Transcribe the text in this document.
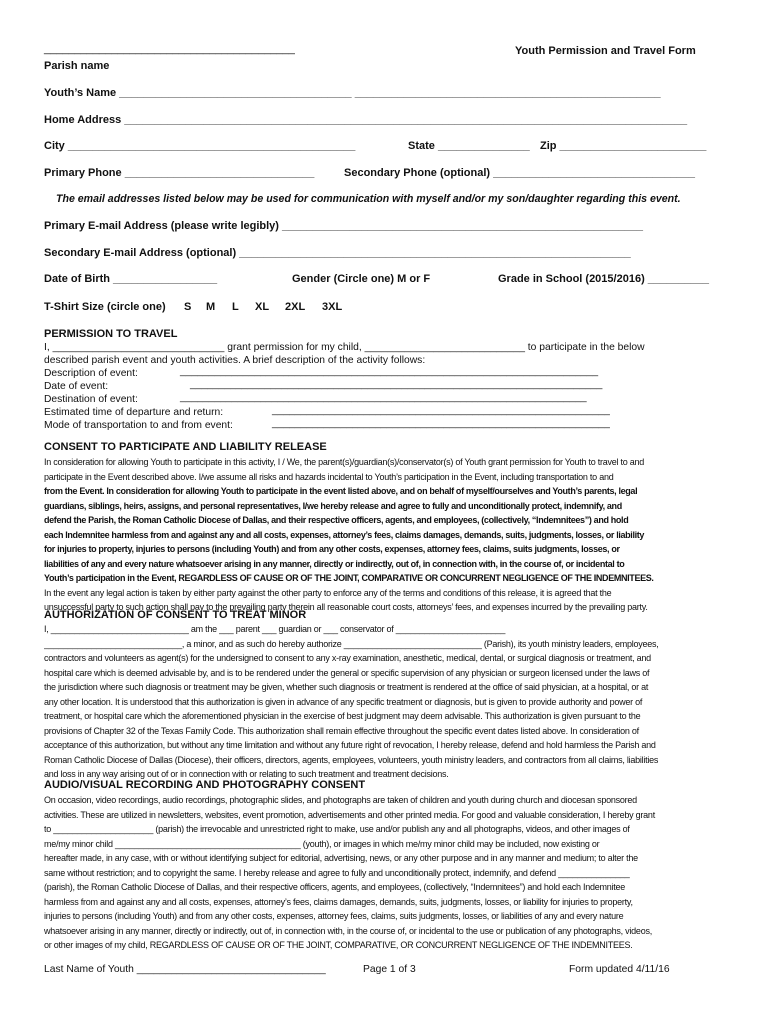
_________________________________________	Youth Permission and Travel Form
Parish name
Youth’s Name ______________________________________ __________________________________________________
Home Address ____________________________________________________________________________________________
City _______________________________________________	State _______________ Zip ________________________
Primary Phone _______________________________	Secondary Phone (optional) _________________________________
The email addresses listed below may be used for communication with myself and/or my son/daughter regarding this event.
Primary E-mail Address (please write legibly) ___________________________________________________________
Secondary E-mail Address (optional) ________________________________________________________________
Date of Birth _________________	Gender (Circle one) M or F	Grade in School (2015/2016) __________
T-Shirt Size (circle one) S M L XL 2XL 3XL
PERMISSION TO TRAVEL
I, ______________________________ grant permission for my child, ____________________________ to participate in the below
described parish event and youth activities. A brief description of the activity follows:
Description of event:	_________________________________________________________________________
Date of event:	________________________________________________________________________
Destination of event:	_______________________________________________________________________
Estimated time of departure and return:	___________________________________________________________
Mode of transportation to and from event:	___________________________________________________________
CONSENT TO PARTICIPATE AND LIABILITY RELEASE
In consideration for allowing Youth to participate in this activity, I / We, the parent(s)/guardian(s)/conservator(s) of Youth grant permission for Youth to travel to and
participate in the Event described above. I/we assume all risks and hazards incidental to Youth’s participation in the Event, including transportation to and
from the Event. In consideration for allowing Youth to participate in the event listed above, and on behalf of myself/ourselves and Youth’s parents, legal
guardians, siblings, heirs, assigns, and personal representatives, I/we hereby release and agree to fully and unconditionally protect, indemnify, and
defend the Parish, the Roman Catholic Diocese of Dallas, and their respective officers, agents, and employees, (collectively, “Indemnitees”) and hold
each Indemnitee harmless from and against any and all costs, expenses, attorney’s fees, claims damages, demands, suits, judgments, losses, or liability
for injuries to property, injuries to persons (including Youth) and from any other costs, expenses, attorney fees, claims, suits judgments, losses, or
liabilities of any and every nature whatsoever arising in any manner, directly or indirectly, out of, in connection with, in the course of, or incidental to
Youth’s participation in the Event, REGARDLESS OF CAUSE OR OF THE JOINT, COMPARATIVE OR CONCURRENT NEGLIGENCE OF THE INDEMNITEES.
In the event any legal action is taken by either party against the other party to enforce any of the terms and conditions of this release, it is agreed that the
unsuccessful party to such action shall pay to the prevailing party therein all reasonable court costs, attorneys’ fees, and expenses incurred by the prevailing party.
AUTHORIZATION OF CONSENT TO TREAT MINOR
I, _____________________________ am the ___ parent ___ guardian or ___ conservator of _______________________
_____________________________, a minor, and as such do hereby authorize _____________________________ (Parish), its youth ministry leaders, employees,
contractors and volunteers as agent(s) for the undersigned to consent to any x-ray examination, anesthetic, medical, dental, or surgical diagnosis or treatment, and
hospital care which is deemed advisable by, and is to be rendered under the general or specific supervision of any physician or surgeon licensed under the laws of
the jurisdiction where such diagnosis or treatment may be given, whether such diagnosis or treatment is rendered at the office of said physician, at a hospital, or at
any other location. It is understood that this authorization is given in advance of any specific treatment or diagnosis, but is given to provide authority and power of
treatment, or hospital care which the aforementioned physician in the exercise of best judgment may deem advisable. This authorization is given pursuant to the
provisions of Chapter 32 of the Texas Family Code. This authorization shall remain effective throughout the specific event dates listed above. In consideration of
acceptance of this authorization, but without any time limitation and without any future right of revocation, I hereby release, defend and hold harmless the Parish and
Roman Catholic Diocese of Dallas (Diocese), their officers, directors, agents, employees, volunteers, youth ministry leaders, and contractors from all claims, liabilities
and loss in any way arising out of or in connection with or relating to such treatment and treatment decisions.
AUDIO/VISUAL RECORDING AND PHOTOGRAPHY CONSENT
On occasion, video recordings, audio recordings, photographic slides, and photographs are taken of children and youth during church and diocesan sponsored
activities. These are utilized in newsletters, websites, event promotion, advertisements and other printed media. For good and valuable consideration, I hereby grant
to _____________________ (parish) the irrevocable and unrestricted right to make, use and/or publish any and all photographs, videos, and other images of
me/my minor child _______________________________________ (youth), or images in which me/my minor child may be included, now existing or
hereafter made, in any case, with or without identifying subject for editorial, advertising, news, or any other purpose and in any manner and medium; to alter the
same without restriction; and to copyright the same. I hereby release and agree to fully and unconditionally protect, indemnify, and defend _______________
(parish), the Roman Catholic Diocese of Dallas, and their respective officers, agents, and employees, (collectively, “Indemnitees”) and hold each Indemnitee
harmless from and against any and all costs, expenses, attorney’s fees, claims damages, demands, suits, judgments, losses, or liability for injuries to property,
injuries to persons (including Youth) and from any other costs, expenses, attorney fees, claims, suits judgments, losses, or liabilities of any and every nature
whatsoever arising in any manner, directly or indirectly, out of, in connection with, in the course of, or incidental to the use or publication of any photographs, videos,
or other images of my child, REGARDLESS OF CAUSE OR OF THE JOINT, COMPARATIVE, OR CONCURRENT NEGLIGENCE OF THE INDEMNITEES.
Last Name of Youth _________________________________	Page 1 of 3	Form updated 4/11/16
